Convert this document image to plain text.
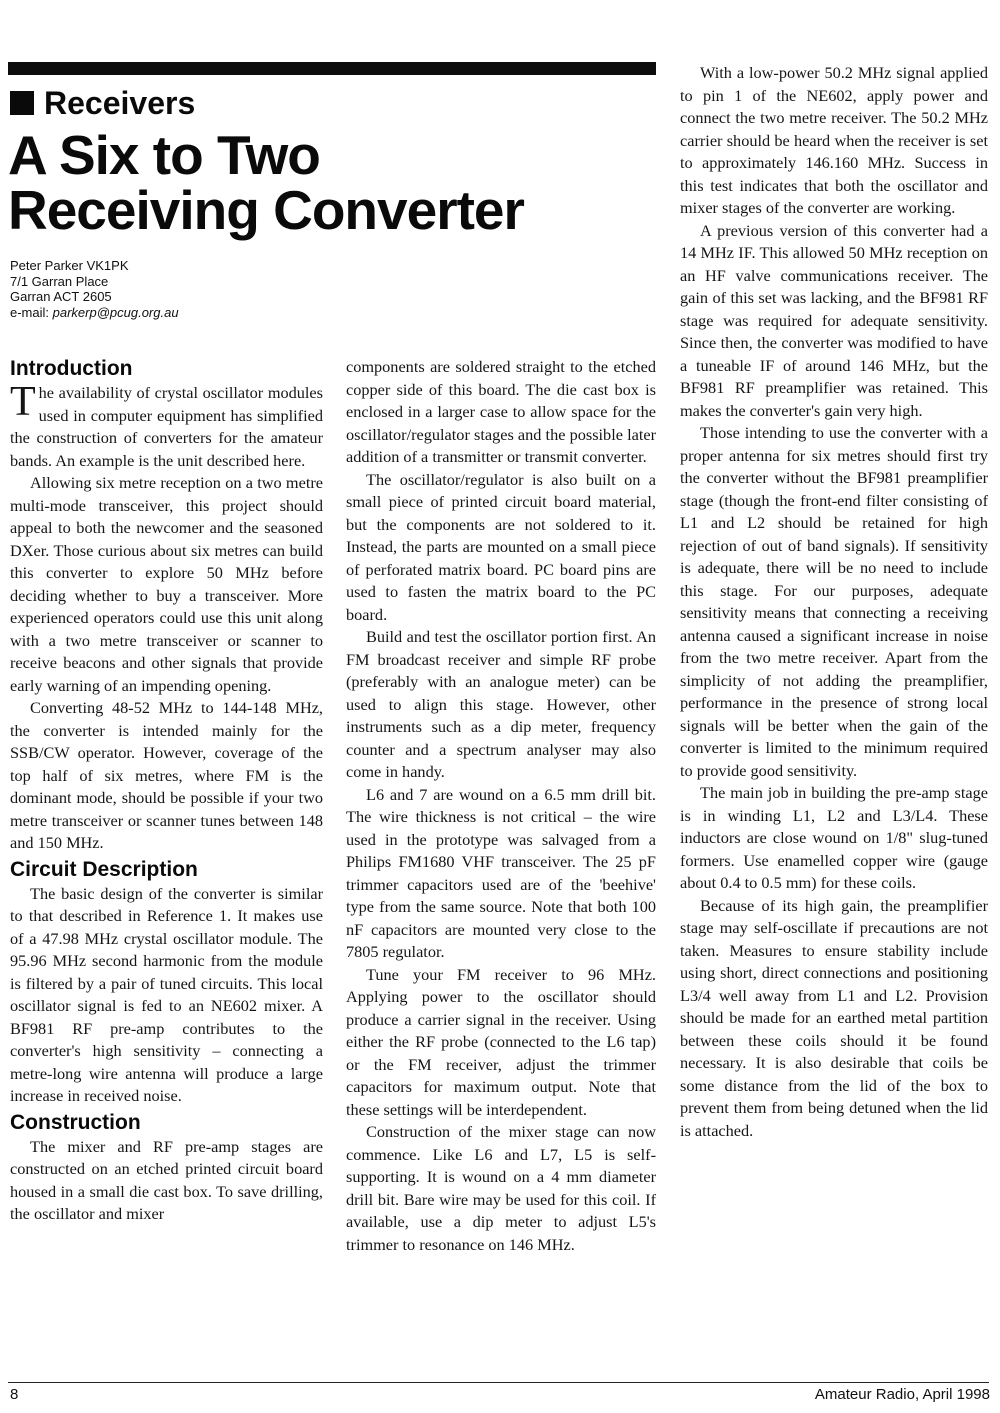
Receivers
A Six to Two
Receiving Converter
Peter Parker VK1PK
7/1 Garran Place
Garran ACT 2605
e-mail: parkerp@pcug.org.au
Introduction

The availability of crystal oscillator modules used in computer equipment has simplified the construction of converters for the amateur bands. An example is the unit described here.

Allowing six metre reception on a two metre multi-mode transceiver, this project should appeal to both the newcomer and the seasoned DXer. Those curious about six metres can build this converter to explore 50 MHz before deciding whether to buy a transceiver. More experienced operators could use this unit along with a two metre transceiver or scanner to receive beacons and other signals that provide early warning of an impending opening.

Converting 48-52 MHz to 144-148 MHz, the converter is intended mainly for the SSB/CW operator. However, coverage of the top half of six metres, where FM is the dominant mode, should be possible if your two metre transceiver or scanner tunes between 148 and 150 MHz.

Circuit Description

The basic design of the converter is similar to that described in Reference 1. It makes use of a 47.98 MHz crystal oscillator module. The 95.96 MHz second harmonic from the module is filtered by a pair of tuned circuits. This local oscillator signal is fed to an NE602 mixer. A BF981 RF pre-amp contributes to the converter's high sensitivity – connecting a metre-long wire antenna will produce a large increase in received noise.

Construction

The mixer and RF pre-amp stages are constructed on an etched printed circuit board housed in a small die cast box. To save drilling, the oscillator and mixer

components are soldered straight to the etched copper side of this board. The die cast box is enclosed in a larger case to allow space for the oscillator/regulator stages and the possible later addition of a transmitter or transmit converter.

The oscillator/regulator is also built on a small piece of printed circuit board material, but the components are not soldered to it. Instead, the parts are mounted on a small piece of perforated matrix board. PC board pins are used to fasten the matrix board to the PC board.

Build and test the oscillator portion first. An FM broadcast receiver and simple RF probe (preferably with an analogue meter) can be used to align this stage. However, other instruments such as a dip meter, frequency counter and a spectrum analyser may also come in handy.

L6 and 7 are wound on a 6.5 mm drill bit. The wire thickness is not critical – the wire used in the prototype was salvaged from a Philips FM1680 VHF transceiver. The 25 pF trimmer capacitors used are of the 'beehive' type from the same source. Note that both 100 nF capacitors are mounted very close to the 7805 regulator.

Tune your FM receiver to 96 MHz. Applying power to the oscillator should produce a carrier signal in the receiver. Using either the RF probe (connected to the L6 tap) or the FM receiver, adjust the trimmer capacitors for maximum output. Note that these settings will be interdependent.

Construction of the mixer stage can now commence. Like L6 and L7, L5 is self-supporting. It is wound on a 4 mm diameter drill bit. Bare wire may be used for this coil. If available, use a dip meter to adjust L5's trimmer to resonance on 146 MHz.

With a low-power 50.2 MHz signal applied to pin 1 of the NE602, apply power and connect the two metre receiver. The 50.2 MHz carrier should be heard when the receiver is set to approximately 146.160 MHz. Success in this test indicates that both the oscillator and mixer stages of the converter are working.

A previous version of this converter had a 14 MHz IF. This allowed 50 MHz reception on an HF valve communications receiver. The gain of this set was lacking, and the BF981 RF stage was required for adequate sensitivity. Since then, the converter was modified to have a tuneable IF of around 146 MHz, but the BF981 RF preamplifier was retained. This makes the converter's gain very high.

Those intending to use the converter with a proper antenna for six metres should first try the converter without the BF981 preamplifier stage (though the front-end filter consisting of L1 and L2 should be retained for high rejection of out of band signals). If sensitivity is adequate, there will be no need to include this stage. For our purposes, adequate sensitivity means that connecting a receiving antenna caused a significant increase in noise from the two metre receiver. Apart from the simplicity of not adding the preamplifier, performance in the presence of strong local signals will be better when the gain of the converter is limited to the minimum required to provide good sensitivity.

The main job in building the pre-amp stage is in winding L1, L2 and L3/L4. These inductors are close wound on 1/8" slug-tuned formers. Use enamelled copper wire (gauge about 0.4 to 0.5 mm) for these coils.

Because of its high gain, the preamplifier stage may self-oscillate if precautions are not taken. Measures to ensure stability include using short, direct connections and positioning L3/4 well away from L1 and L2. Provision should be made for an earthed metal partition between these coils should it be found necessary. It is also desirable that coils be some distance from the lid of the box to prevent them from being detuned when the lid is attached.

8	Amateur Radio, April 1998
